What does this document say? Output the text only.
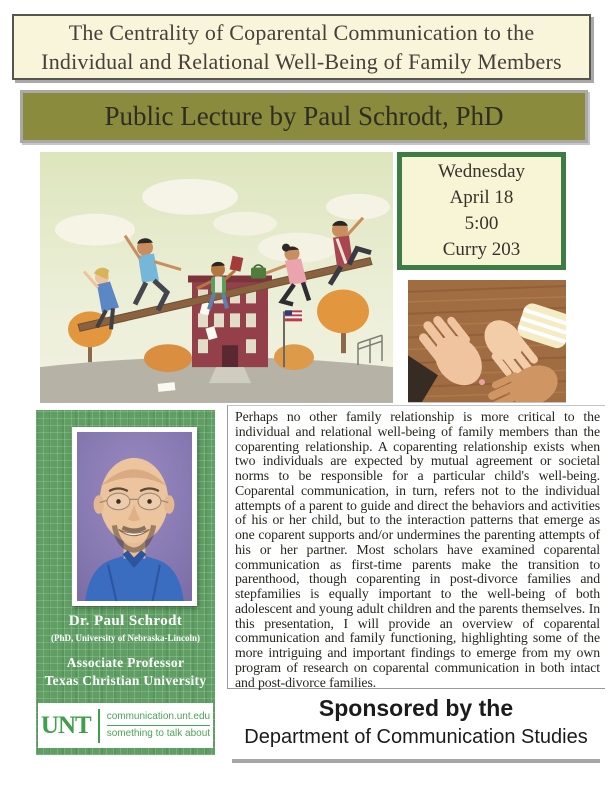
The Centrality of Coparental Communication to the
Individual and Relational Well-Being of Family Members
Public Lecture by Paul Schrodt, PhD
Wednesday
April 18
5:00
Curry 203
Dr. Paul Schrodt
(PhD, University of Nebraska-Lincoln)
Associate Professor
Texas Christian University
UNT communication.unt.edu
something to talk about
Perhaps no other family relationship is more critical to the individual and relational well-being of family members than the coparenting relationship. A coparenting relationship exists when two individuals are expected by mutual agreement or societal norms to be responsible for a particular child's well-being. Coparental communication, in turn, refers not to the individual attempts of a parent to guide and direct the behaviors and activities of his or her child, but to the interaction patterns that emerge as one coparent supports and/or undermines the parenting attempts of his or her partner. Most scholars have examined coparental communication as first-time parents make the transition to parenthood, though coparenting in post-divorce families and stepfamilies is equally important to the well-being of both adolescent and young adult children and the parents themselves. In this presentation, I will provide an overview of coparental communication and family functioning, highlighting some of the more intriguing and important findings to emerge from my own program of research on coparental communication in both intact and post-divorce families.
Sponsored by the
Department of Communication Studies
